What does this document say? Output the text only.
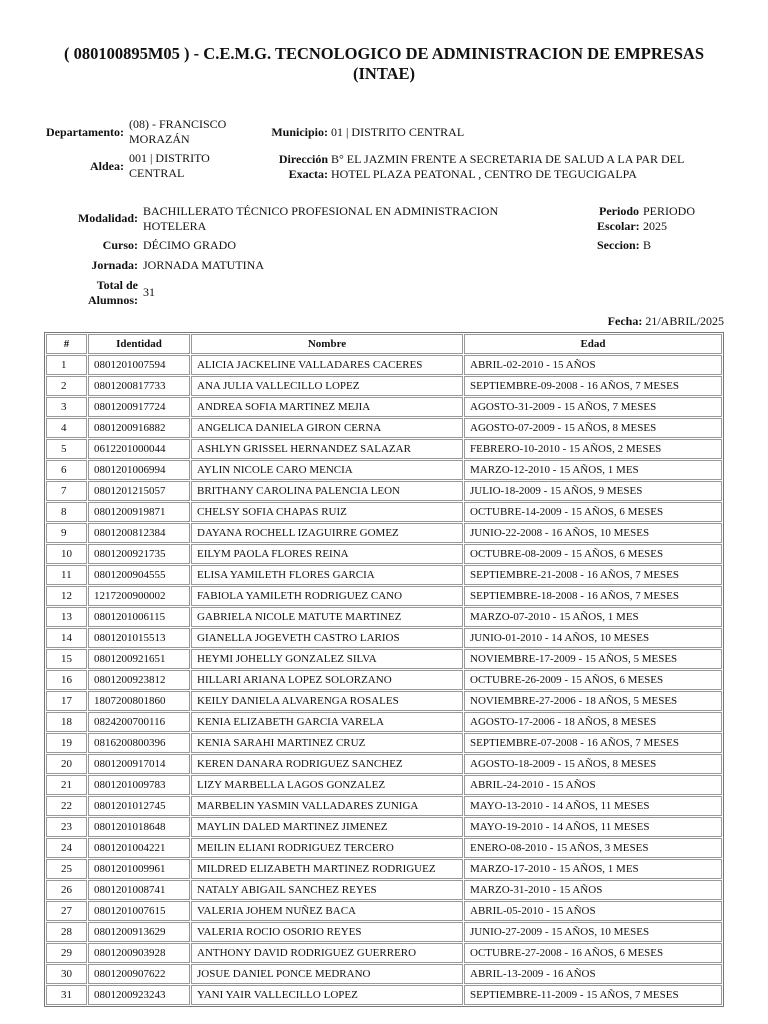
( 080100895M05 ) - C.E.M.G. TECNOLOGICO DE ADMINISTRACION DE EMPRESAS
(INTAE)
Departamento:
(08) - FRANCISCO
MORAZÁN	Municipio: 01 | DISTRITO CENTRAL
Aldea:
001 | DISTRITO
CENTRAL
Dirección
Exacta:
B° EL JAZMIN FRENTE A SECRETARIA DE SALUD A LA PAR DEL
HOTEL PLAZA PEATONAL , CENTRO DE TEGUCIGALPA
Modalidad: BACHILLERATO TÉCNICO PROFESIONAL EN ADMINISTRACION
HOTELERA
Periodo
Escolar:
PERIODO
2025
Curso: DÉCIMO GRADO	Seccion: B
Jornada: JORNADA MATUTINA
Total de
Alumnos:
31
Fecha: 21/ABRIL/2025
#	Identidad	Nombre	Edad
1	0801201007594	ALICIA JACKELINE VALLADARES CACERES	ABRIL-02-2010 - 15 AÑOS
2	0801200817733	ANA JULIA VALLECILLO LOPEZ	SEPTIEMBRE-09-2008 - 16 AÑOS, 7 MESES
3	0801200917724	ANDREA SOFIA MARTINEZ MEJIA	AGOSTO-31-2009 - 15 AÑOS, 7 MESES
4	0801200916882	ANGELICA DANIELA GIRON CERNA	AGOSTO-07-2009 - 15 AÑOS, 8 MESES
5	0612201000044	ASHLYN GRISSEL HERNANDEZ SALAZAR	FEBRERO-10-2010 - 15 AÑOS, 2 MESES
6	0801201006994	AYLIN NICOLE CARO MENCIA	MARZO-12-2010 - 15 AÑOS, 1 MES
7	0801201215057	BRITHANY CAROLINA PALENCIA LEON	JULIO-18-2009 - 15 AÑOS, 9 MESES
8	0801200919871	CHELSY SOFIA CHAPAS RUIZ	OCTUBRE-14-2009 - 15 AÑOS, 6 MESES
9	0801200812384	DAYANA ROCHELL IZAGUIRRE GOMEZ	JUNIO-22-2008 - 16 AÑOS, 10 MESES
10	0801200921735	EILYM PAOLA FLORES REINA	OCTUBRE-08-2009 - 15 AÑOS, 6 MESES
11	0801200904555	ELISA YAMILETH FLORES GARCIA	SEPTIEMBRE-21-2008 - 16 AÑOS, 7 MESES
12	1217200900002	FABIOLA YAMILETH RODRIGUEZ CANO	SEPTIEMBRE-18-2008 - 16 AÑOS, 7 MESES
13	0801201006115	GABRIELA NICOLE MATUTE MARTINEZ	MARZO-07-2010 - 15 AÑOS, 1 MES
14	0801201015513	GIANELLA JOGEVETH CASTRO LARIOS	JUNIO-01-2010 - 14 AÑOS, 10 MESES
15	0801200921651	HEYMI JOHELLY GONZALEZ SILVA	NOVIEMBRE-17-2009 - 15 AÑOS, 5 MESES
16	0801200923812	HILLARI ARIANA LOPEZ SOLORZANO	OCTUBRE-26-2009 - 15 AÑOS, 6 MESES
17	1807200801860	KEILY DANIELA ALVARENGA ROSALES	NOVIEMBRE-27-2006 - 18 AÑOS, 5 MESES
18	0824200700116	KENIA ELIZABETH GARCIA VARELA	AGOSTO-17-2006 - 18 AÑOS, 8 MESES
19	0816200800396	KENIA SARAHI MARTINEZ CRUZ	SEPTIEMBRE-07-2008 - 16 AÑOS, 7 MESES
20	0801200917014	KEREN DANARA RODRIGUEZ SANCHEZ	AGOSTO-18-2009 - 15 AÑOS, 8 MESES
21	0801201009783	LIZY MARBELLA LAGOS GONZALEZ	ABRIL-24-2010 - 15 AÑOS
22	0801201012745	MARBELIN YASMIN VALLADARES ZUNIGA	MAYO-13-2010 - 14 AÑOS, 11 MESES
23	0801201018648	MAYLIN DALED MARTINEZ JIMENEZ	MAYO-19-2010 - 14 AÑOS, 11 MESES
24	0801201004221	MEILIN ELIANI RODRIGUEZ TERCERO	ENERO-08-2010 - 15 AÑOS, 3 MESES
25	0801201009961	MILDRED ELIZABETH MARTINEZ RODRIGUEZ	MARZO-17-2010 - 15 AÑOS, 1 MES
26	0801201008741	NATALY ABIGAIL SANCHEZ REYES	MARZO-31-2010 - 15 AÑOS
27	0801201007615	VALERIA JOHEM NUÑEZ BACA	ABRIL-05-2010 - 15 AÑOS
28	0801200913629	VALERIA ROCIO OSORIO REYES	JUNIO-27-2009 - 15 AÑOS, 10 MESES
29	0801200903928	ANTHONY DAVID RODRIGUEZ GUERRERO	OCTUBRE-27-2008 - 16 AÑOS, 6 MESES
30	0801200907622	JOSUE DANIEL PONCE MEDRANO	ABRIL-13-2009 - 16 AÑOS
31	0801200923243	YANI YAIR VALLECILLO LOPEZ	SEPTIEMBRE-11-2009 - 15 AÑOS, 7 MESES
